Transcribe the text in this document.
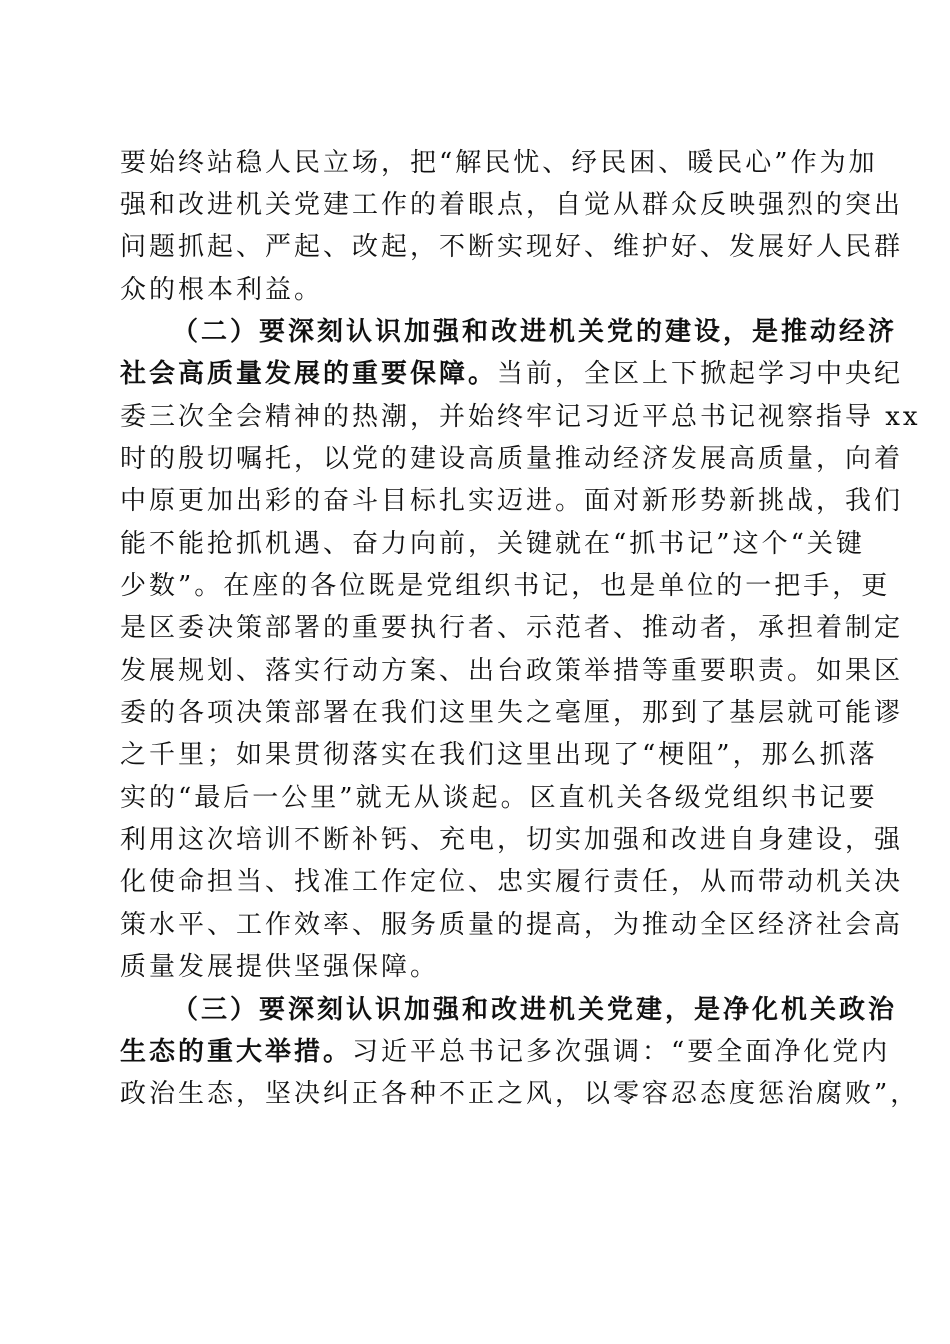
要始终站稳人民立场，把“解民忧、纾民困、暖民心”作为加
强和改进机关党建工作的着眼点，自觉从群众反映强烈的突出
问题抓起、严起、改起，不断实现好、维护好、发展好人民群
众的根本利益。
（二）要深刻认识加强和改进机关党的建设，是推动经济
社会高质量发展的重要保障。当前，全区上下掀起学习中央纪
委三次全会精神的热潮，并始终牢记习近平总书记视察指导 xx
时的殷切嘱托，以党的建设高质量推动经济发展高质量，向着
中原更加出彩的奋斗目标扎实迈进。面对新形势新挑战，我们
能不能抢抓机遇、奋力向前，关键就在“抓书记”这个“关键
少数”。在座的各位既是党组织书记，也是单位的一把手，更
是区委决策部署的重要执行者、示范者、推动者，承担着制定
发展规划、落实行动方案、出台政策举措等重要职责。如果区
委的各项决策部署在我们这里失之毫厘，那到了基层就可能谬
之千里；如果贯彻落实在我们这里出现了“梗阻”，那么抓落
实的“最后一公里”就无从谈起。区直机关各级党组织书记要
利用这次培训不断补钙、充电，切实加强和改进自身建设，强
化使命担当、找准工作定位、忠实履行责任，从而带动机关决
策水平、工作效率、服务质量的提高，为推动全区经济社会高
质量发展提供坚强保障。
（三）要深刻认识加强和改进机关党建，是净化机关政治
生态的重大举措。习近平总书记多次强调：“要全面净化党内
政治生态，坚决纠正各种不正之风，以零容忍态度惩治腐败”，
